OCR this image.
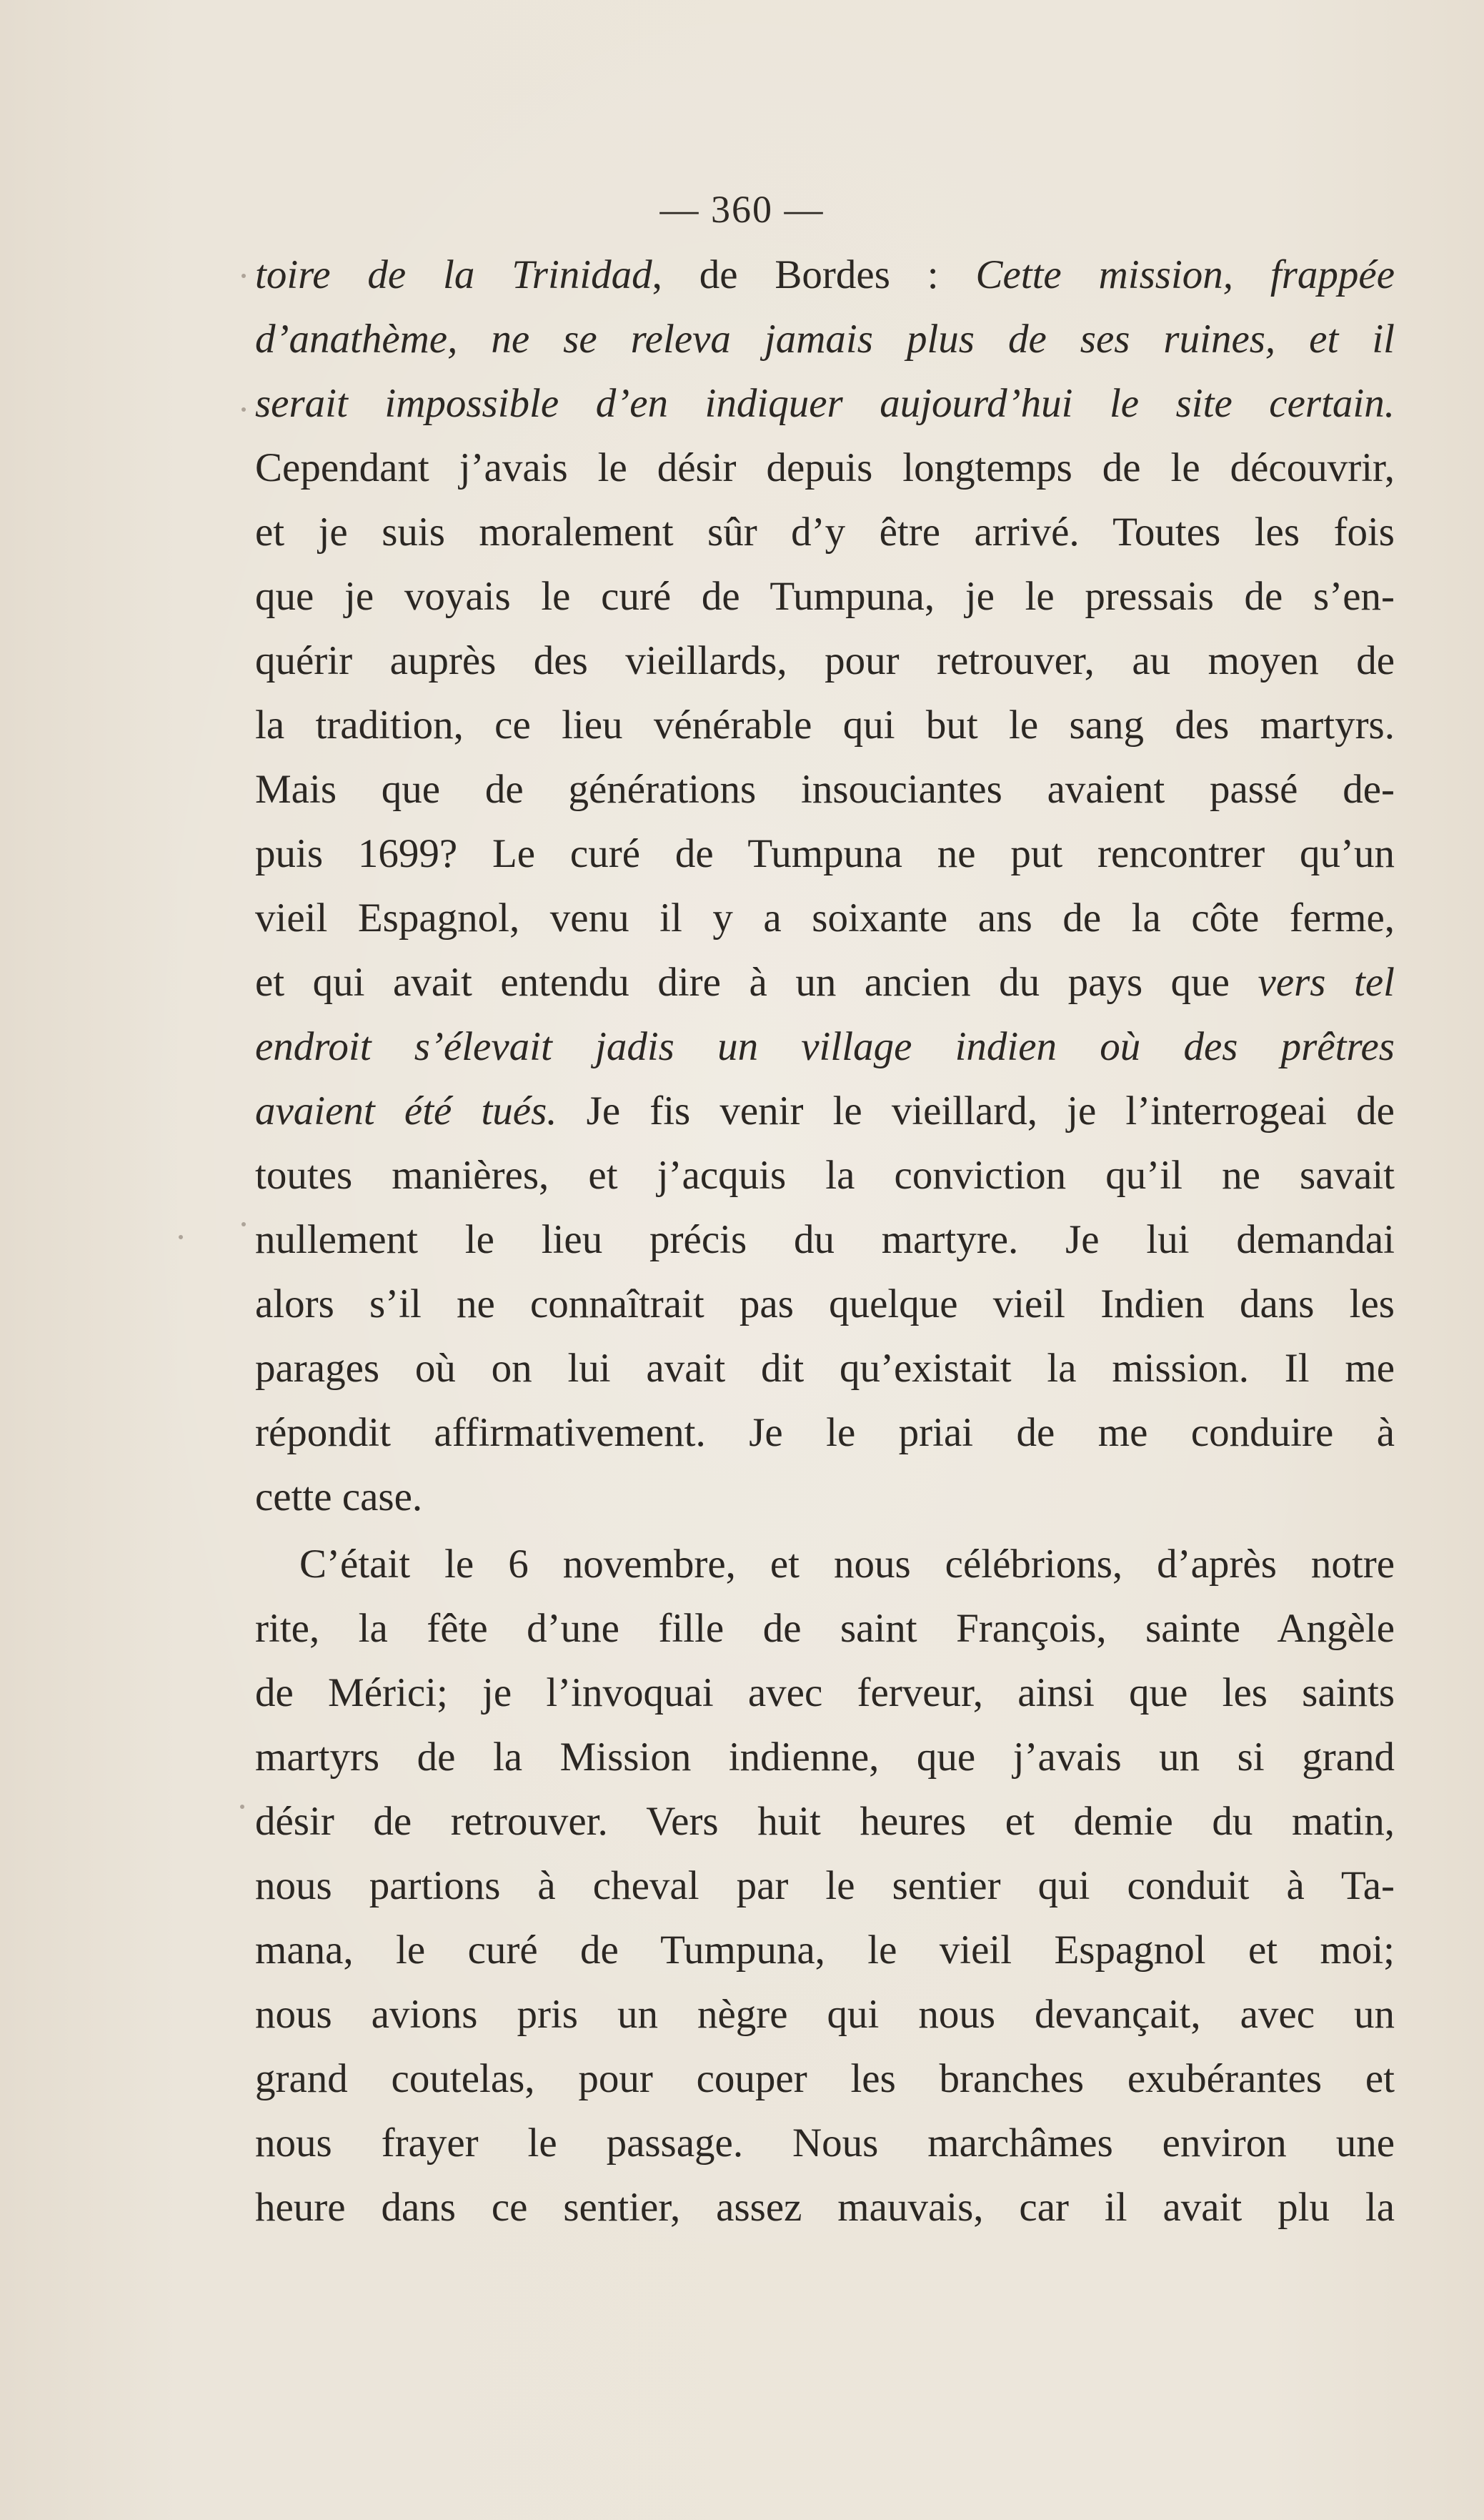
— 360 —
toire de la Trinidad, de Bordes : Cette mission, frappée
d’anathème, ne se releva jamais plus de ses ruines, et il
serait impossible d’en indiquer aujourd’hui le site certain.
Cependant j’avais le désir depuis longtemps de le découvrir,
et je suis moralement sûr d’y être arrivé. Toutes les fois
que je voyais le curé de Tumpuna, je le pressais de s’en-
quérir auprès des vieillards, pour retrouver, au moyen de
la tradition, ce lieu vénérable qui but le sang des martyrs.
Mais que de générations insouciantes avaient passé de-
puis 1699? Le curé de Tumpuna ne put rencontrer qu’un
vieil Espagnol, venu il y a soixante ans de la côte ferme,
et qui avait entendu dire à un ancien du pays que vers tel
endroit s’élevait jadis un village indien où des prêtres
avaient été tués. Je fis venir le vieillard, je l’interrogeai de
toutes manières, et j’acquis la conviction qu’il ne savait
nullement le lieu précis du martyre. Je lui demandai
alors s’il ne connaîtrait pas quelque vieil Indien dans les
parages où on lui avait dit qu’existait la mission. Il me
répondit affirmativement. Je le priai de me conduire à
cette case.
C’était le 6 novembre, et nous célébrions, d’après notre
rite, la fête d’une fille de saint François, sainte Angèle
de Mérici; je l’invoquai avec ferveur, ainsi que les saints
martyrs de la Mission indienne, que j’avais un si grand
désir de retrouver. Vers huit heures et demie du matin,
nous partions à cheval par le sentier qui conduit à Ta-
mana, le curé de Tumpuna, le vieil Espagnol et moi;
nous avions pris un nègre qui nous devançait, avec un
grand coutelas, pour couper les branches exubérantes et
nous frayer le passage. Nous marchâmes environ une
heure dans ce sentier, assez mauvais, car il avait plu la
